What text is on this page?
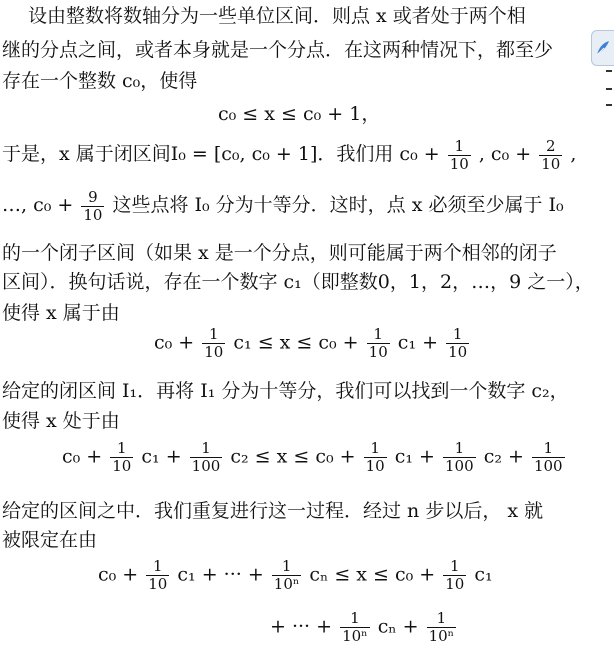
设由整数将数轴分为一些单位区间．则点 x 或者处于两个相
继的分点之间，或者本身就是一个分点．在这两种情况下，都至少
存在一个整数 c₀，使得
c₀ ≤ x ≤ c₀ + 1，
于是，x 属于闭区间I₀ = [c₀, c₀ + 1]．我们用 $c_0 + \frac{1}{10}$ , $c_0 + \frac{2}{10}$ ,
…, $c_0 + \frac{9}{10}$ 这些点将 I₀ 分为十等分．这时，点 x 必须至少属于 I₀
的一个闭子区间（如果 x 是一个分点，则可能属于两个相邻的闭子
区间）．换句话说，存在一个数字 c₁（即整数0，1，2，…，9 之一），
使得 x 属于由
$c_0 + \frac{1}{10} c_1 \le x \le c_0 + \frac{1}{10} c_1 + \frac{1}{10}$
给定的闭区间 I₁．再将 I₁ 分为十等分，我们可以找到一个数字 c₂，
使得 x 处于由
$c_0 + \frac{1}{10} c_1 + \frac{1}{100} c_2 \le x \le c_0 + \frac{1}{10} c_1 + \frac{1}{100} c_2 + \frac{1}{100}$
给定的区间之中．我们重复进行这一过程．经过 n 步以后， x 就
被限定在由
$c_0 + \frac{1}{10} c_1$ + ··· + $\frac{1}{\text{10ⁿ}}$ $c_n \le x \le c_0 + \frac{1}{10} c_1$
+ ··· + $\frac{1}{\text{10ⁿ}}$ $c_n + \frac{1}{\text{10ⁿ}}$
